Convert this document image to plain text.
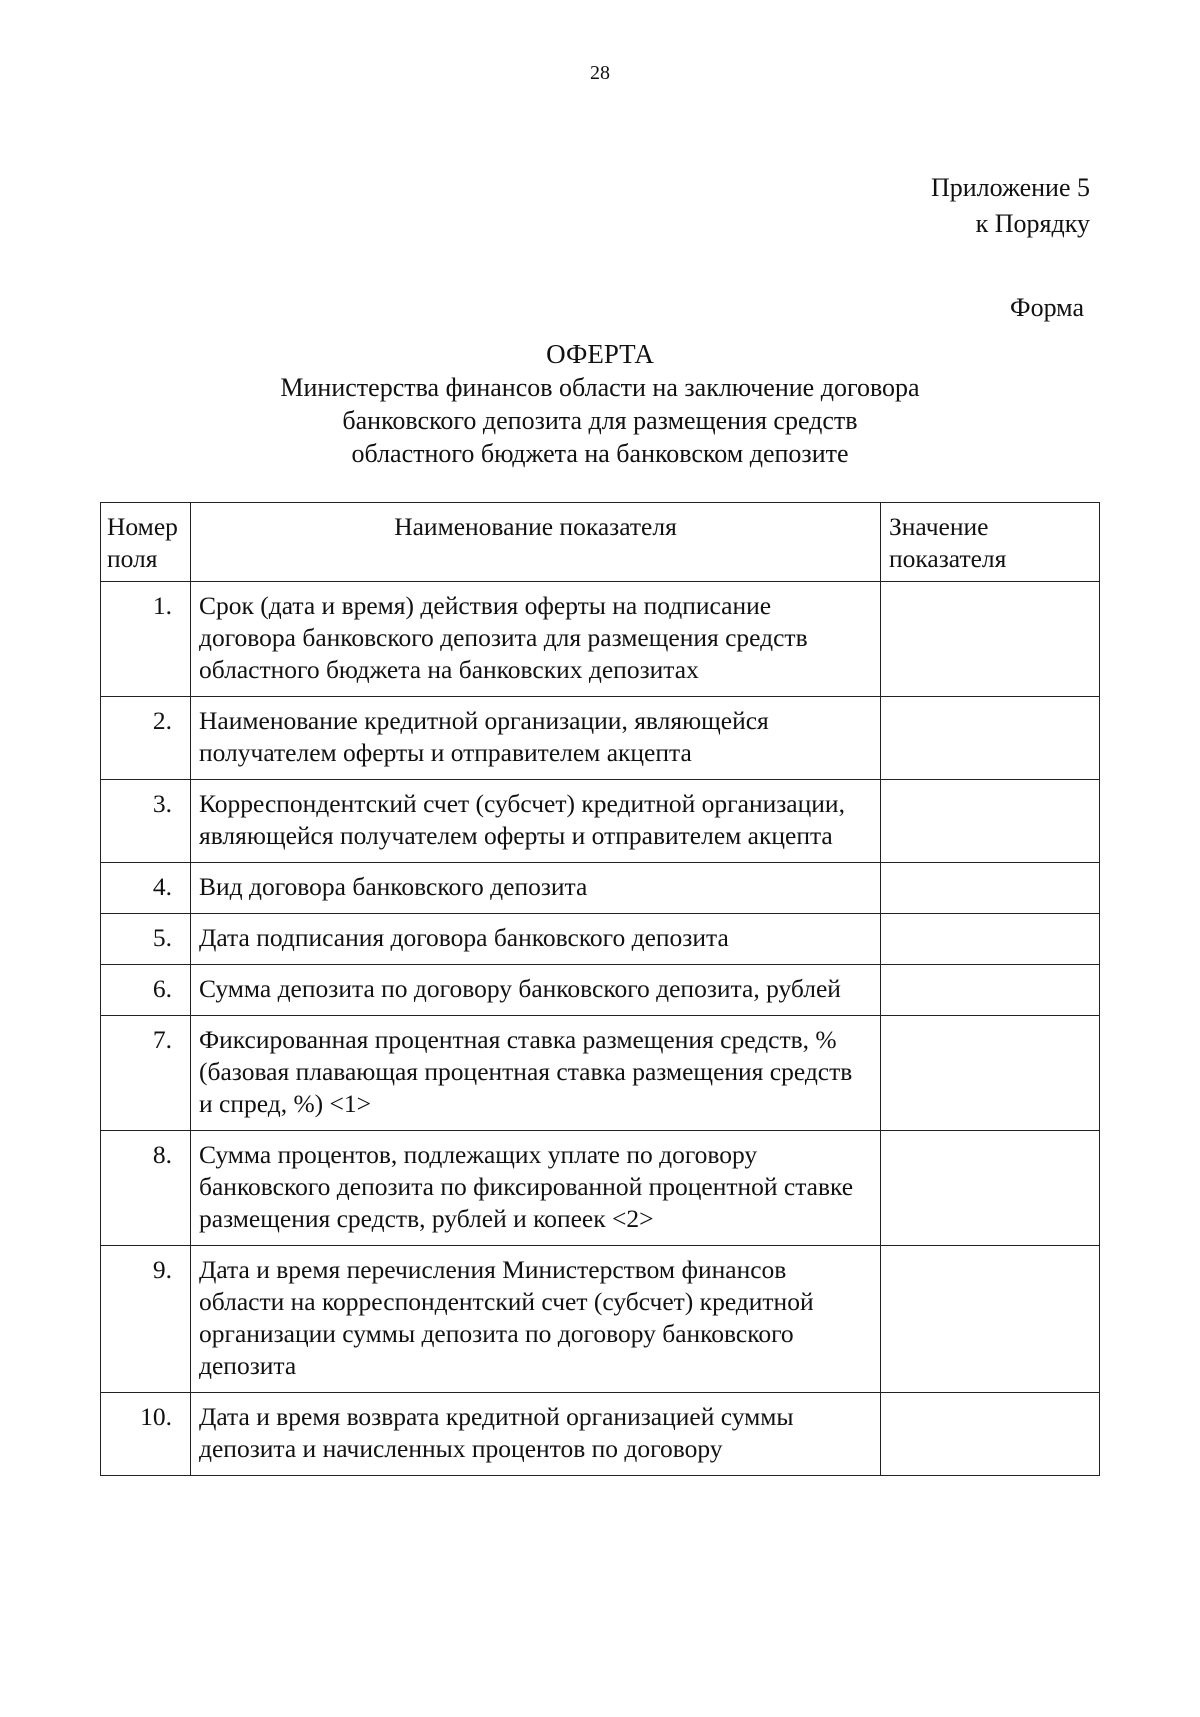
28
Приложение 5
к Порядку
Форма
ОФЕРТА
Министерства финансов области на заключение договора
банковского депозита для размещения средств
областного бюджета на банковском депозите
Номер поля	Наименование показателя	Значение показателя
1.	Срок (дата и время) действия оферты на подписание договора банковского депозита для размещения средств областного бюджета на банковских депозитах	
2.	Наименование кредитной организации, являющейся получателем оферты и отправителем акцепта	
3.	Корреспондентский счет (субсчет) кредитной организации, являющейся получателем оферты и отправителем акцепта	
4.	Вид договора банковского депозита	
5.	Дата подписания договора банковского депозита	
6.	Сумма депозита по договору банковского депозита, рублей	
7.	Фиксированная процентная ставка размещения средств, % (базовая плавающая процентная ставка размещения средств и спред, %) <1>	
8.	Сумма процентов, подлежащих уплате по договору банковского депозита по фиксированной процентной ставке размещения средств, рублей и копеек <2>	
9.	Дата и время перечисления Министерством финансов области на корреспондентский счет (субсчет) кредитной организации суммы депозита по договору банковского депозита	
10.	Дата и время возврата кредитной организацией суммы депозита и начисленных процентов по договору	
